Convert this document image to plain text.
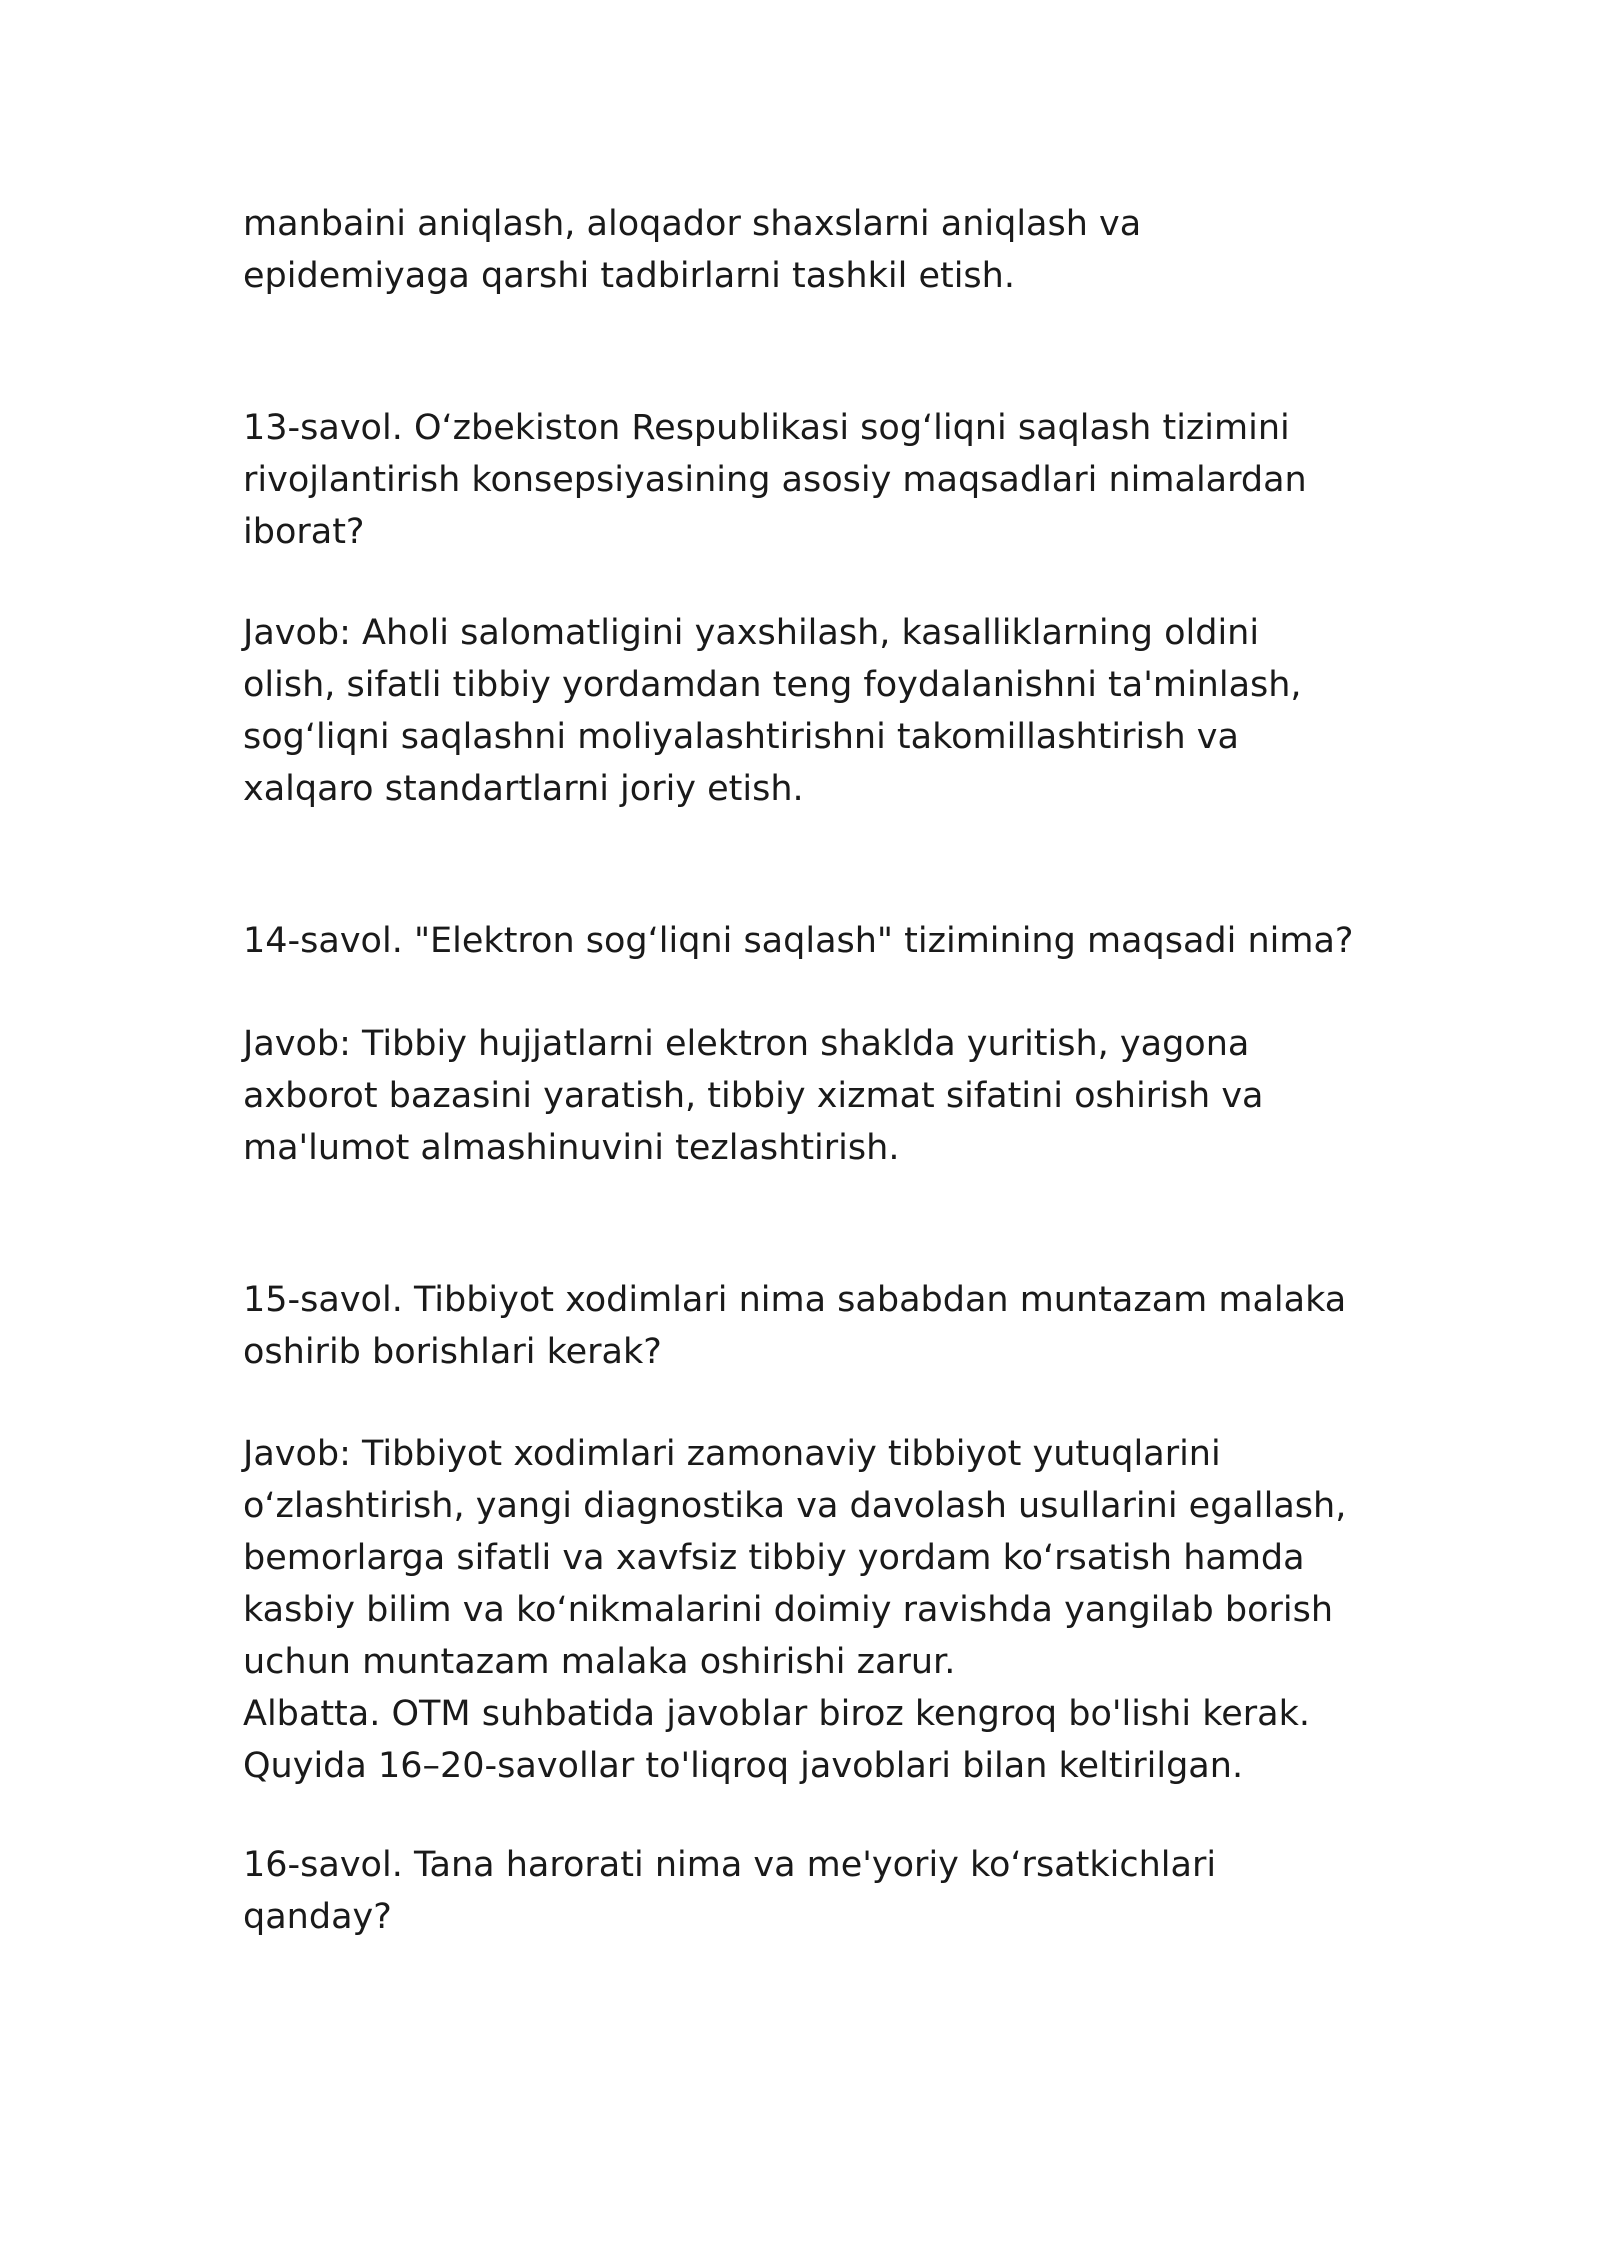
manbaini aniqlash, aloqador shaxslarni aniqlash va
epidemiyaga qarshi tadbirlarni tashkil etish.

13-savol. O‘zbekiston Respublikasi sog‘liqni saqlash tizimini
rivojlantirish konsepsiyasining asosiy maqsadlari nimalardan
iborat?

Javob: Aholi salomatligini yaxshilash, kasalliklarning oldini
olish, sifatli tibbiy yordamdan teng foydalanishni ta'minlash,
sog‘liqni saqlashni moliyalashtirishni takomillashtirish va
xalqaro standartlarni joriy etish.

14-savol. "Elektron sog‘liqni saqlash" tizimining maqsadi nima?

Javob: Tibbiy hujjatlarni elektron shaklda yuritish, yagona
axborot bazasini yaratish, tibbiy xizmat sifatini oshirish va
ma'lumot almashinuvini tezlashtirish.

15-savol. Tibbiyot xodimlari nima sababdan muntazam malaka
oshirib borishlari kerak?

Javob: Tibbiyot xodimlari zamonaviy tibbiyot yutuqlarini
o‘zlashtirish, yangi diagnostika va davolash usullarini egallash,
bemorlarga sifatli va xavfsiz tibbiy yordam ko‘rsatish hamda
kasbiy bilim va ko‘nikmalarini doimiy ravishda yangilab borish
uchun muntazam malaka oshirishi zarur.
Albatta. OTM suhbatida javoblar biroz kengroq bo'lishi kerak.
Quyida 16–20-savollar to'liqroq javoblari bilan keltirilgan.

16-savol. Tana harorati nima va me'yoriy ko‘rsatkichlari
qanday?
